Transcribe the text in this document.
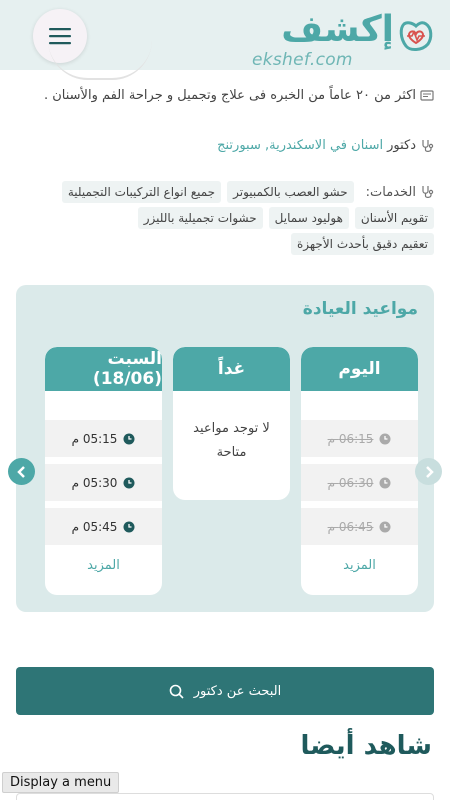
إكشف
ekshef.com
اكثر من ٢٠ عاماً من الخبره فى علاج وتجميل و جراحة الفم والأسنان .
دكتور
اسنان في الاسكندرية, سبورتنج
الخدمات:
حشو العصب بالكمبيوتر
جميع انواع التركيبات التجميلية
تقويم الأسنان
هوليود سمايل
حشوات تجميلية بالليزر
تعقيم دقيق بأحدث الأجهزة
مواعيد العيادة
اليوم
06:15 م
06:30 م
06:45 م
المزيد
غداً
لا توجد مواعيد متاحة
السبت (18/06)
05:15 م
05:30 م
05:45 م
المزيد
البحث عن دكتور
شاهد أيضا
Display a menu
